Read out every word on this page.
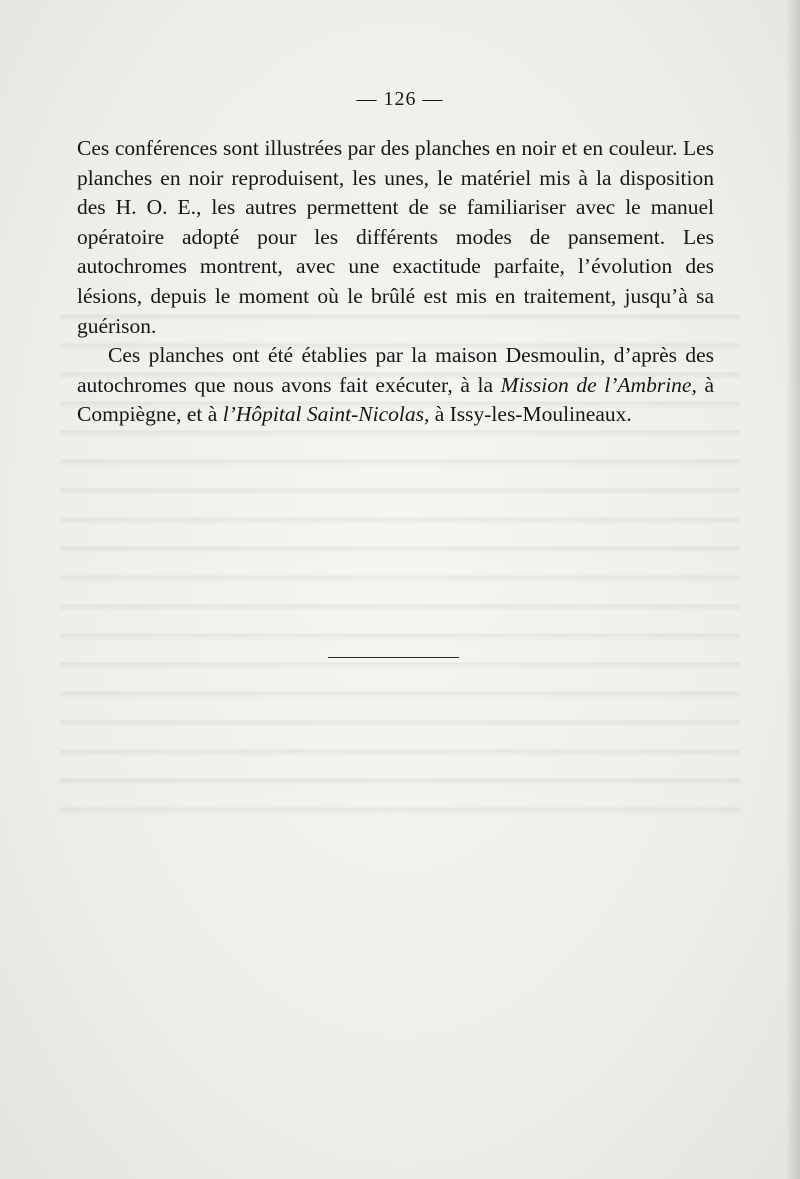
— 126 —

Ces conférences sont illustrées par des planches en noir et en couleur. Les planches en noir reproduisent, les unes, le matériel mis à la disposition des H. O. E., les autres permettent de se familiariser avec le manuel opératoire adopté pour les différents modes de pansement. Les autochromes montrent, avec une exactitude parfaite, l’évolution des lésions, depuis le moment où le brûlé est mis en traitement, jusqu’à sa guérison.

Ces planches ont été établies par la maison Desmoulin, d’après des autochromes que nous avons fait exécuter, à la Mission de l’Ambrine, à Compiègne, et à l’Hôpital Saint-Nicolas, à Issy-les-Moulineaux.
